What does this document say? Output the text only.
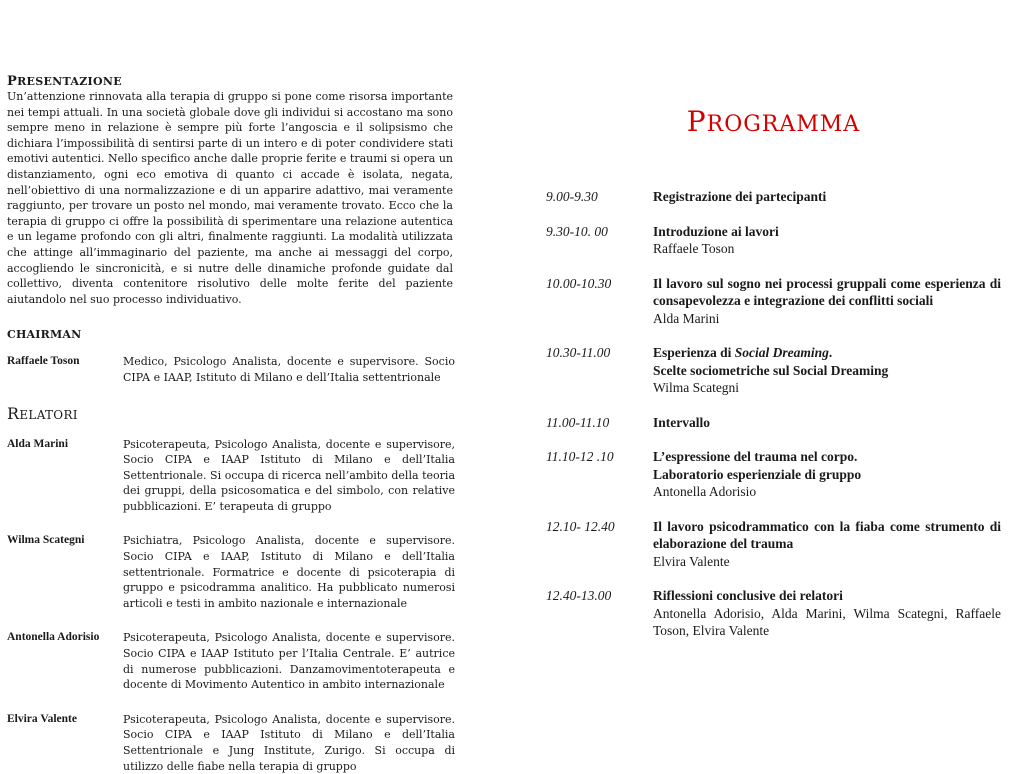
PRESENTAZIONE

Un’attenzione rinnovata alla terapia di gruppo si pone come risorsa importante nei tempi attuali. In una società globale dove gli individui si accostano ma sono sempre meno in relazione è sempre più forte l’angoscia e il solipsismo che dichiara l’impossibilità di sentirsi parte di un intero e di poter condividere stati emotivi autentici. Nello specifico anche dalle proprie ferite e traumi si opera un distanziamento, ogni eco emotiva di quanto ci accade è isolata, negata, nell’obiettivo di una normalizzazione e di un apparire adattivo, mai veramente raggiunto, per trovare un posto nel mondo, mai veramente trovato. Ecco che la terapia di gruppo ci offre la possibilità di sperimentare una relazione autentica e un legame profondo con gli altri, finalmente raggiunti. La modalità utilizzata che attinge all’immaginario del paziente, ma anche ai messaggi del corpo, accogliendo le sincronicità, e si nutre delle dinamiche profonde guidate dal collettivo, diventa contenitore risolutivo delle molte ferite del paziente aiutandolo nel suo processo individuativo.

CHAIRMAN
Raffaele Toson	Medico, Psicologo Analista, docente e supervisore. Socio CIPA e IAAP, Istituto di Milano e dell’Italia settentrionale
RELATORI
Alda Marini	Psicoterapeuta, Psicologo Analista, docente e supervisore, Socio CIPA e IAAP Istituto di Milano e dell’Italia Settentrionale. Si occupa di ricerca nell’ambito della teoria dei gruppi, della psicosomatica e del simbolo, con relative pubblicazioni. E’ terapeuta di gruppo
Wilma Scategni	Psichiatra, Psicologo Analista, docente e supervisore. Socio CIPA e IAAP, Istituto di Milano e dell’Italia settentrionale. Formatrice e docente di psicoterapia di gruppo e psicodramma analitico. Ha pubblicato numerosi articoli e testi in ambito nazionale e internazionale
Antonella Adorisio	Psicoterapeuta, Psicologo Analista, docente e supervisore. Socio CIPA e IAAP Istituto per l’Italia Centrale. E’ autrice di numerose pubblicazioni. Danzamovimentoterapeuta e docente di Movimento Autentico in ambito internazionale
Elvira Valente	Psicoterapeuta, Psicologo Analista, docente e supervisore. Socio CIPA e IAAP Istituto di Milano e dell’Italia Settentrionale e Jung Institute, Zurigo. Si occupa di utilizzo delle fiabe nella terapia di gruppo
PROGRAMMA
9.00-9.30	Registrazione dei partecipanti
9.30-10. 00	Introduzione ai lavori
Raffaele Toson
10.00-10.30	Il lavoro sul sogno nei processi gruppali come esperienza di consapevolezza e integrazione dei conflitti sociali
Alda Marini
10.30-11.00	Esperienza di Social Dreaming.
Scelte sociometriche sul Social Dreaming
Wilma Scategni
11.00-11.10	Intervallo
11.10-12 .10	L’espressione del trauma nel corpo.
Laboratorio esperienziale di gruppo
Antonella Adorisio
12.10- 12.40	Il lavoro psicodrammatico con la fiaba come strumento di elaborazione del trauma
Elvira Valente
12.40-13.00	Riflessioni conclusive dei relatori
Antonella Adorisio, Alda Marini, Wilma Scategni, Raffaele Toson, Elvira Valente
